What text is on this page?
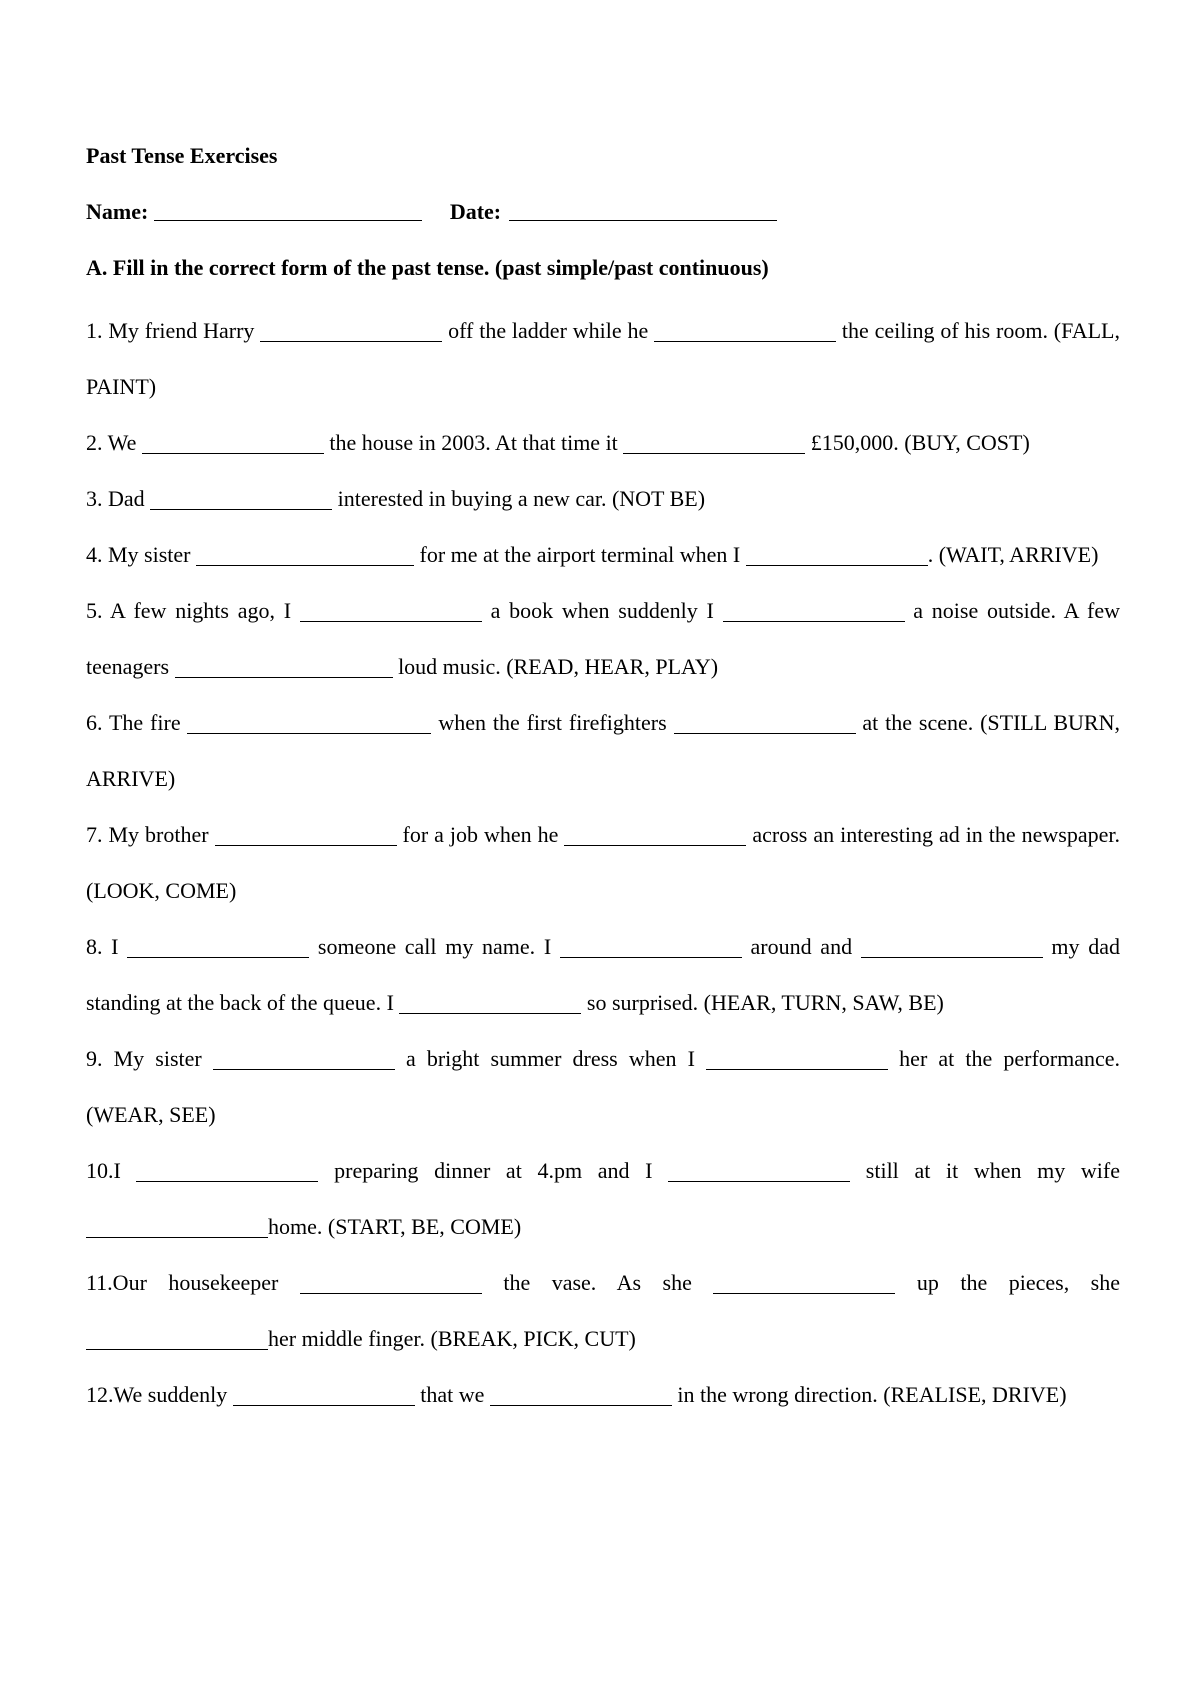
Past Tense Exercises
Name:	Date:
A. Fill in the correct form of the past tense. (past simple/past continuous)

1. My friend Harry	off the ladder while he	the ceiling of his room. (FALL, PAINT)

2. We	the house in 2003. At that time it	£150,000. (BUY, COST)

3. Dad	interested in buying a new car. (NOT BE)

4. My sister	for me at the airport terminal when I	. (WAIT, ARRIVE)

5. A few nights ago, I	a book when suddenly I	a noise outside. A few teenagers	loud music. (READ, HEAR, PLAY)

6. The fire	when the first firefighters	at the scene. (STILL BURN, ARRIVE)

7. My brother	for a job when he	across an interesting ad in the newspaper. (LOOK, COME)

8. I	someone call my name. I	around and	my dad standing at the back of the queue. I	so surprised. (HEAR, TURN, SAW, BE)

9. My sister	a bright summer dress when I	her at the performance. (WEAR, SEE)

10.I	preparing dinner at 4.pm and I	still at it when my wife home. (START, BE, COME)

11.Our housekeeper	the vase. As she	up the pieces, she her middle finger. (BREAK, PICK, CUT)

12.We suddenly	that we	in the wrong direction. (REALISE, DRIVE)
